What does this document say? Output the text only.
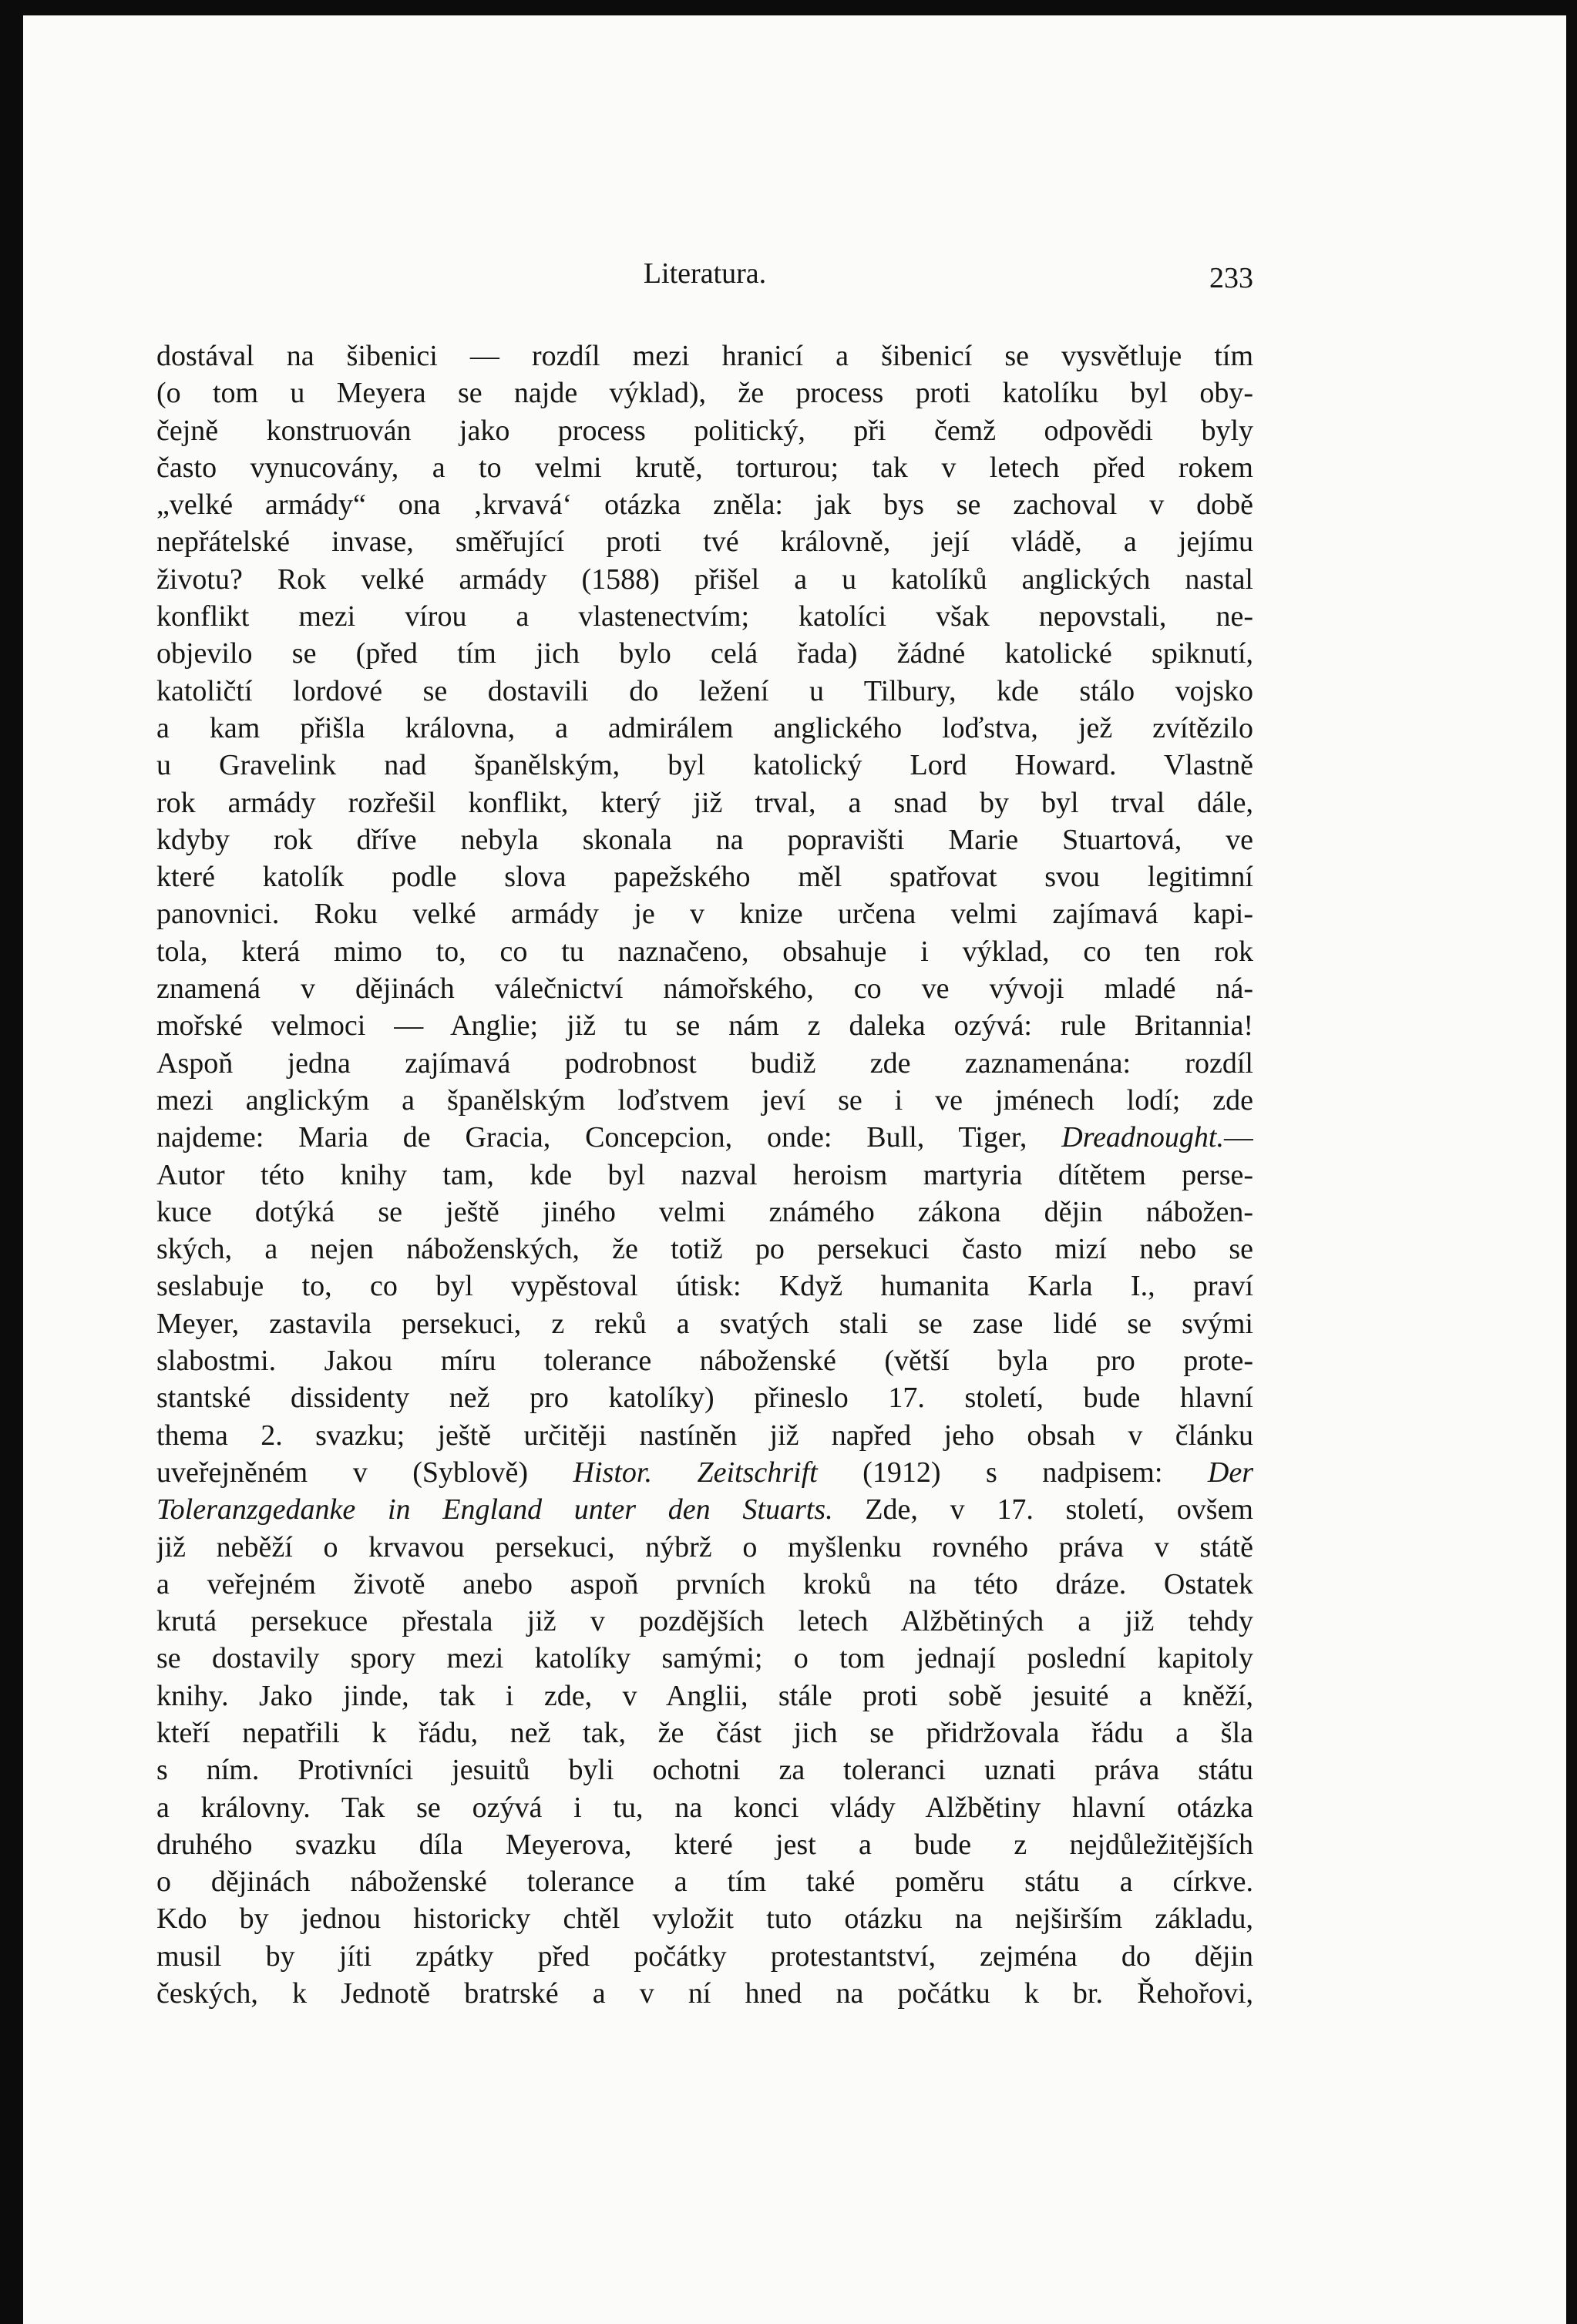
Literatura.	233
dostával na šibenici — rozdíl mezi hranicí a šibenicí se vysvětluje tím
(o tom u Meyera se najde výklad), že process proti katolíku byl oby-
čejně konstruován jako process politický, při čemž odpovědi byly
často vynucovány, a to velmi krutě, torturou; tak v letech před rokem
„velké armády“ ona ‚krvavá‘ otázka zněla: jak bys se zachoval v době
nepřátelské invase, směřující proti tvé královně, její vládě, a jejímu
životu? Rok velké armády (1588) přišel a u katolíků anglických nastal
konflikt mezi vírou a vlastenectvím; katolíci však nepovstali, ne-
objevilo se (před tím jich bylo celá řada) žádné katolické spiknutí,
katoličtí lordové se dostavili do ležení u Tilbury, kde stálo vojsko
a kam přišla královna, a admirálem anglického loďstva, jež zvítězilo
u Gravelink nad španělským, byl katolický Lord Howard. Vlastně
rok armády rozřešil konflikt, který již trval, a snad by byl trval dále,
kdyby rok dříve nebyla skonala na popravišti Marie Stuartová, ve
které katolík podle slova papežského měl spatřovat svou legitimní
panovnici. Roku velké armády je v knize určena velmi zajímavá kapi-
tola, která mimo to, co tu naznačeno, obsahuje i výklad, co ten rok
znamená v dějinách válečnictví námořského, co ve vývoji mladé ná-
mořské velmoci — Anglie; již tu se nám z daleka ozývá: rule Britannia!
Aspoň jedna zajímavá podrobnost budiž zde zaznamenána: rozdíl
mezi anglickým a španělským loďstvem jeví se i ve jménech lodí; zde
najdeme: Maria de Gracia, Concepcion, onde: Bull, Tiger, Dreadnought.—
Autor této knihy tam, kde byl nazval heroism martyria dítětem perse-
kuce dotýká se ještě jiného velmi známého zákona dějin nábožen-
ských, a nejen náboženských, že totiž po persekuci často mizí nebo se
seslabuje to, co byl vypěstoval útisk: Když humanita Karla I., praví
Meyer, zastavila persekuci, z reků a svatých stali se zase lidé se svými
slabostmi. Jakou míru tolerance náboženské (větší byla pro prote-
stantské dissidenty než pro katolíky) přineslo 17. století, bude hlavní
thema 2. svazku; ještě určitěji nastíněn již napřed jeho obsah v článku
uveřejněném v (Syblově) Histor. Zeitschrift (1912) s nadpisem: Der
Toleranzgedanke in England unter den Stuarts. Zde, v 17. století, ovšem
již neběží o krvavou persekuci, nýbrž o myšlenku rovného práva v státě
a veřejném životě anebo aspoň prvních kroků na této dráze. Ostatek
krutá persekuce přestala již v pozdějších letech Alžbětiných a již tehdy
se dostavily spory mezi katolíky samými; o tom jednají poslední kapitoly
knihy. Jako jinde, tak i zde, v Anglii, stále proti sobě jesuité a kněží,
kteří nepatřili k řádu, než tak, že část jich se přidržovala řádu a šla
s ním. Protivníci jesuitů byli ochotni za toleranci uznati práva státu
a královny. Tak se ozývá i tu, na konci vlády Alžbětiny hlavní otázka
druhého svazku díla Meyerova, které jest a bude z nejdůležitějších
o dějinách náboženské tolerance a tím také poměru státu a církve.
Kdo by jednou historicky chtěl vyložit tuto otázku na nejširším základu,
musil by jíti zpátky před počátky protestantství, zejména do dějin
českých, k Jednotě bratrské a v ní hned na počátku k br. Řehořovi,
